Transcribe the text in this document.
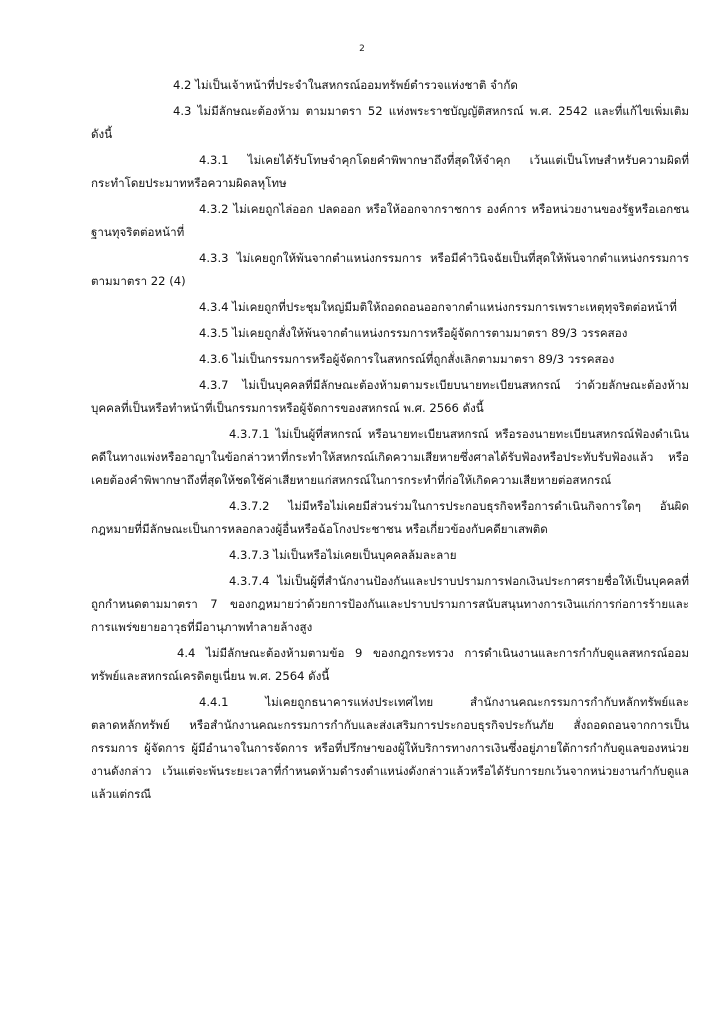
2

4.2 ไม่เป็นเจ้าหน้าที่ประจำในสหกรณ์ออมทรัพย์ตำรวจแห่งชาติ จำกัด

4.3 ไม่มีลักษณะต้องห้าม ตามมาตรา 52 แห่งพระราชบัญญัติสหกรณ์ พ.ศ. 2542 และที่แก้ไขเพิ่มเติม ดังนี้

4.3.1 ไม่เคยได้รับโทษจำคุกโดยคำพิพากษาถึงที่สุดให้จำคุก เว้นแต่เป็นโทษสำหรับความผิดที่กระทำโดยประมาทหรือความผิดลหุโทษ

4.3.2 ไม่เคยถูกไล่ออก ปลดออก หรือให้ออกจากราชการ องค์การ หรือหน่วยงานของรัฐหรือเอกชน ฐานทุจริตต่อหน้าที่

4.3.3 ไม่เคยถูกให้พ้นจากตำแหน่งกรรมการ หรือมีคำวินิจฉัยเป็นที่สุดให้พ้นจากตำแหน่งกรรมการ ตามมาตรา 22 (4)

4.3.4 ไม่เคยถูกที่ประชุมใหญ่มีมติให้ถอดถอนออกจากตำแหน่งกรรมการเพราะเหตุทุจริตต่อหน้าที่

4.3.5 ไม่เคยถูกสั่งให้พ้นจากตำแหน่งกรรมการหรือผู้จัดการตามมาตรา 89/3 วรรคสอง

4.3.6 ไม่เป็นกรรมการหรือผู้จัดการในสหกรณ์ที่ถูกสั่งเลิกตามมาตรา 89/3 วรรคสอง

4.3.7 ไม่เป็นบุคคลที่มีลักษณะต้องห้ามตามระเบียบนายทะเบียนสหกรณ์ ว่าด้วยลักษณะต้องห้ามบุคคลที่เป็นหรือทำหน้าที่เป็นกรรมการหรือผู้จัดการของสหกรณ์ พ.ศ. 2566 ดังนี้

4.3.7.1 ไม่เป็นผู้ที่สหกรณ์ หรือนายทะเบียนสหกรณ์ หรือรองนายทะเบียนสหกรณ์ฟ้องดำเนินคดีในทางแพ่งหรืออาญาในข้อกล่าวหาที่กระทำให้สหกรณ์เกิดความเสียหายซึ่งศาลได้รับฟ้องหรือประทับรับฟ้องแล้ว หรือเคยต้องคำพิพากษาถึงที่สุดให้ชดใช้ค่าเสียหายแก่สหกรณ์ในการกระทำที่ก่อให้เกิดความเสียหายต่อสหกรณ์

4.3.7.2 ไม่มีหรือไม่เคยมีส่วนร่วมในการประกอบธุรกิจหรือการดำเนินกิจการใดๆ อันผิดกฎหมายที่มีลักษณะเป็นการหลอกลวงผู้อื่นหรือฉ้อโกงประชาชน หรือเกี่ยวข้องกับคดียาเสพติด

4.3.7.3 ไม่เป็นหรือไม่เคยเป็นบุคคลล้มละลาย

4.3.7.4 ไม่เป็นผู้ที่สำนักงานป้องกันและปราบปรามการฟอกเงินประกาศรายชื่อให้เป็นบุคคลที่ถูกกำหนดตามมาตรา 7 ของกฎหมายว่าด้วยการป้องกันและปราบปรามการสนับสนุนทางการเงินแก่การก่อการร้ายและการแพร่ขยายอาวุธที่มีอานุภาพทำลายล้างสูง

4.4 ไม่มีลักษณะต้องห้ามตามข้อ 9 ของกฎกระทรวง การดำเนินงานและการกำกับดูแลสหกรณ์ออมทรัพย์และสหกรณ์เครดิตยูเนี่ยน พ.ศ. 2564 ดังนี้

4.4.1 ไม่เคยถูกธนาคารแห่งประเทศไทย สำนักงานคณะกรรมการกำกับหลักทรัพย์และตลาดหลักทรัพย์ หรือสำนักงานคณะกรรมการกำกับและส่งเสริมการประกอบธุรกิจประกันภัย สั่งถอดถอนจากการเป็นกรรมการ ผู้จัดการ ผู้มีอำนาจในการจัดการ หรือที่ปรึกษาของผู้ให้บริการทางการเงินซึ่งอยู่ภายใต้การกำกับดูแลของหน่วยงานดังกล่าว เว้นแต่จะพ้นระยะเวลาที่กำหนดห้ามดำรงตำแหน่งดังกล่าวแล้วหรือได้รับการยกเว้นจากหน่วยงานกำกับดูแล แล้วแต่กรณี
